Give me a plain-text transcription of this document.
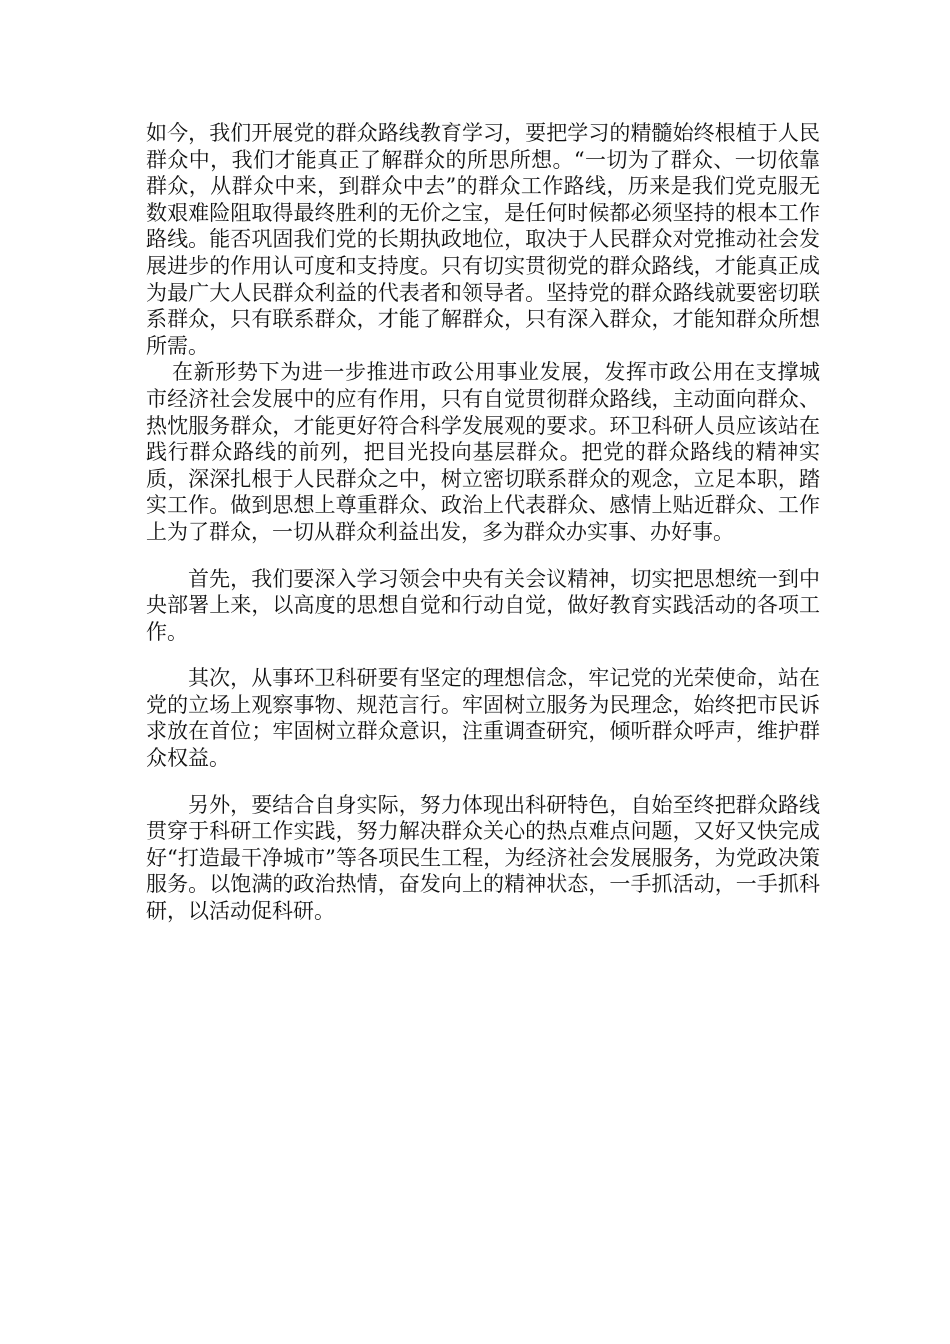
如今，我们开展党的群众路线教育学习，要把学习的精髓始终根植于人民群众中，我们才能真正了解群众的所思所想。“一切为了群众、一切依靠群众，从群众中来，到群众中去”的群众工作路线，历来是我们党克服无数艰难险阻取得最终胜利的无价之宝，是任何时候都必须坚持的根本工作路线。能否巩固我们党的长期执政地位，取决于人民群众对党推动社会发展进步的作用认可度和支持度。只有切实贯彻党的群众路线，才能真正成为最广大人民群众利益的代表者和领导者。坚持党的群众路线就要密切联系群众，只有联系群众，才能了解群众，只有深入群众，才能知群众所想所需。

在新形势下为进一步推进市政公用事业发展，发挥市政公用在支撑城市经济社会发展中的应有作用，只有自觉贯彻群众路线，主动面向群众、热忱服务群众，才能更好符合科学发展观的要求。环卫科研人员应该站在践行群众路线的前列，把目光投向基层群众。把党的群众路线的精神实质，深深扎根于人民群众之中，树立密切联系群众的观念，立足本职，踏实工作。做到思想上尊重群众、政治上代表群众、感情上贴近群众、工作上为了群众，一切从群众利益出发，多为群众办实事、办好事。

首先，我们要深入学习领会中央有关会议精神，切实把思想统一到中央部署上来，以高度的思想自觉和行动自觉，做好教育实践活动的各项工作。

其次，从事环卫科研要有坚定的理想信念，牢记党的光荣使命，站在党的立场上观察事物、规范言行。牢固树立服务为民理念，始终把市民诉求放在首位；牢固树立群众意识，注重调查研究，倾听群众呼声，维护群众权益。

另外，要结合自身实际，努力体现出科研特色，自始至终把群众路线贯穿于科研工作实践，努力解决群众关心的热点难点问题，又好又快完成好“打造最干净城市”等各项民生工程，为经济社会发展服务，为党政决策服务。以饱满的政治热情，奋发向上的精神状态，一手抓活动，一手抓科研，以活动促科研。
